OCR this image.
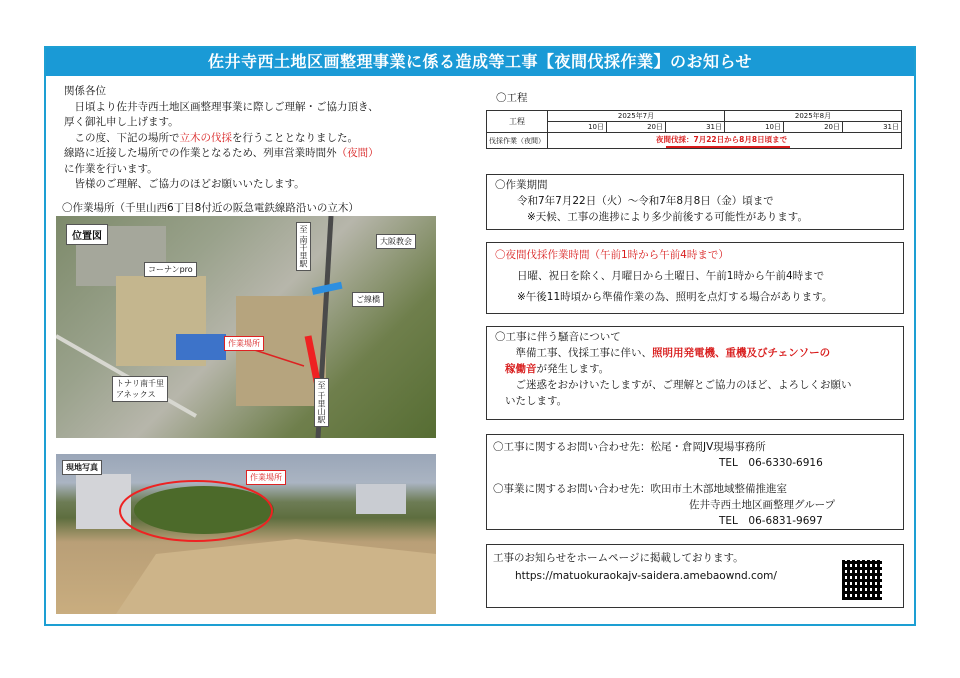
佐井寺西土地区画整理事業に係る造成等工事【夜間伐採作業】のお知らせ

関係各位

　日頃より佐井寺西土地区画整理事業に際しご理解・ご協力頂き、

厚く御礼申し上げます。

　この度、下記の場所で立木の伐採を行うこととなりました。

線路に近接した場所での作業となるため、列車営業時間外（夜間）

に作業を行います。

　皆様のご理解、ご協力のほどお願いいたします。

〇作業場所（千里山西6丁目8付近の阪急電鉄線路沿いの立木）
位置図
コーナンpro
大阪教会
至 南千里駅
ご線橋
作業場所
トナリ南千里
アネックス
至 千里山駅
現地写真
作業場所
〇工程
工程	2025年7月			2025年8月		
	10日	20日	31日	10日	20日	31日
伐採作業（夜間）	夜間伐採：7月22日から8月8日頃まで					

〇作業期間

令和7年7月22日（火）～令和7年8月8日（金）頃まで

※天候、工事の進捗により多少前後する可能性があります。

〇夜間伐採作業時間（午前1時から午前4時まで）

日曜、祝日を除く、月曜日から土曜日、午前1時から午前4時まで

※午後11時頃から準備作業の為、照明を点灯する場合があります。

〇工事に伴う騒音について

　準備工事、伐採工事に伴い、照明用発電機、重機及びチェンソーの

稼働音が発生します。

　ご迷惑をおかけいたしますが、ご理解とご協力のほど、よろしくお願い

いたします。

〇工事に関するお問い合わせ先：松尾・倉岡JV現場事務所

TEL　06-6330-6916

〇事業に関するお問い合わせ先：吹田市土木部地域整備推進室

佐井寺西土地区画整理グループ

TEL　06-6831-9697

工事のお知らせをホームページに掲載しております。

https://matuokuraokajv-saidera.amebaownd.com/
